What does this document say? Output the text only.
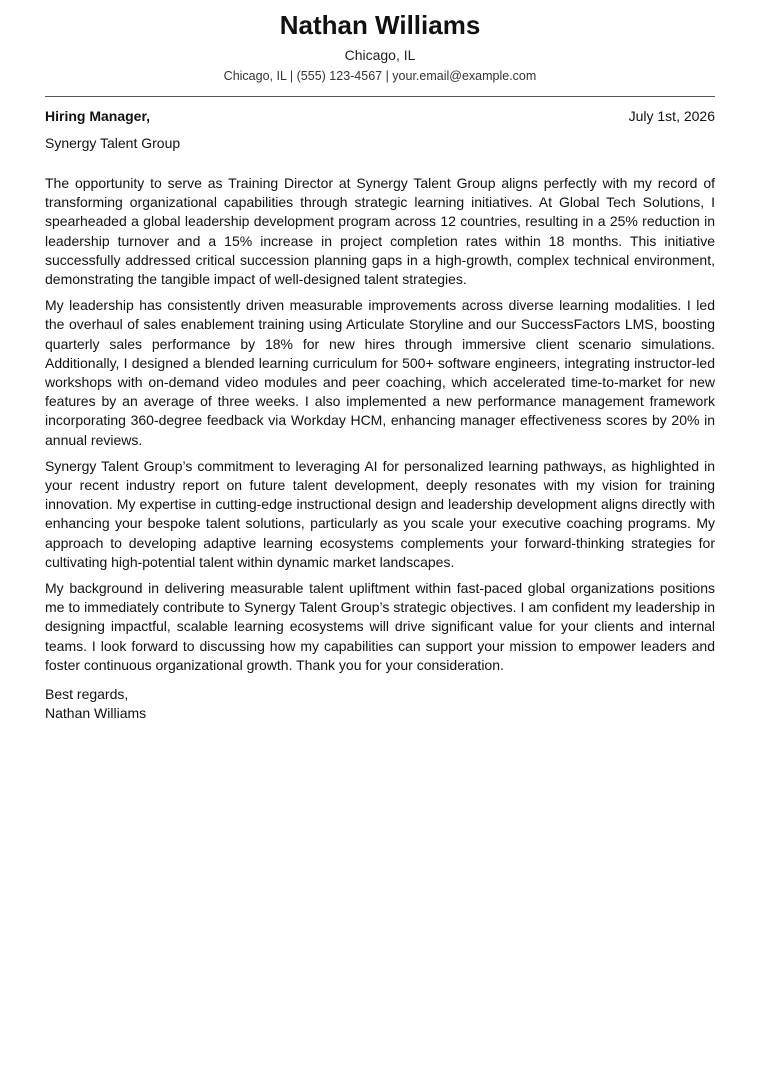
Nathan Williams
Chicago, IL
Chicago, IL | (555) 123-4567 | your.email@example.com
Hiring Manager,	July 1st, 2026
Synergy Talent Group

The opportunity to serve as Training Director at Synergy Talent Group aligns perfectly with my record of transforming organizational capabilities through strategic learning initiatives. At Global Tech Solutions, I spearheaded a global leadership development program across 12 countries, resulting in a 25% reduction in leadership turnover and a 15% increase in project completion rates within 18 months. This initiative successfully addressed critical succession planning gaps in a high-growth, complex technical environment, demonstrating the tangible impact of well-designed talent strategies.

My leadership has consistently driven measurable improvements across diverse learning modalities. I led the overhaul of sales enablement training using Articulate Storyline and our SuccessFactors LMS, boosting quarterly sales performance by 18% for new hires through immersive client scenario simulations. Additionally, I designed a blended learning curriculum for 500+ software engineers, integrating instructor-led workshops with on-demand video modules and peer coaching, which accelerated time-to-market for new features by an average of three weeks. I also implemented a new performance management framework incorporating 360-degree feedback via Workday HCM, enhancing manager effectiveness scores by 20% in annual reviews.

Synergy Talent Group’s commitment to leveraging AI for personalized learning pathways, as highlighted in your recent industry report on future talent development, deeply resonates with my vision for training innovation. My expertise in cutting-edge instructional design and leadership development aligns directly with enhancing your bespoke talent solutions, particularly as you scale your executive coaching programs. My approach to developing adaptive learning ecosystems complements your forward-thinking strategies for cultivating high-potential talent within dynamic market landscapes.

My background in delivering measurable talent upliftment within fast-paced global organizations positions me to immediately contribute to Synergy Talent Group’s strategic objectives. I am confident my leadership in designing impactful, scalable learning ecosystems will drive significant value for your clients and internal teams. I look forward to discussing how my capabilities can support your mission to empower leaders and foster continuous organizational growth. Thank you for your consideration.

Best regards,
Nathan Williams
